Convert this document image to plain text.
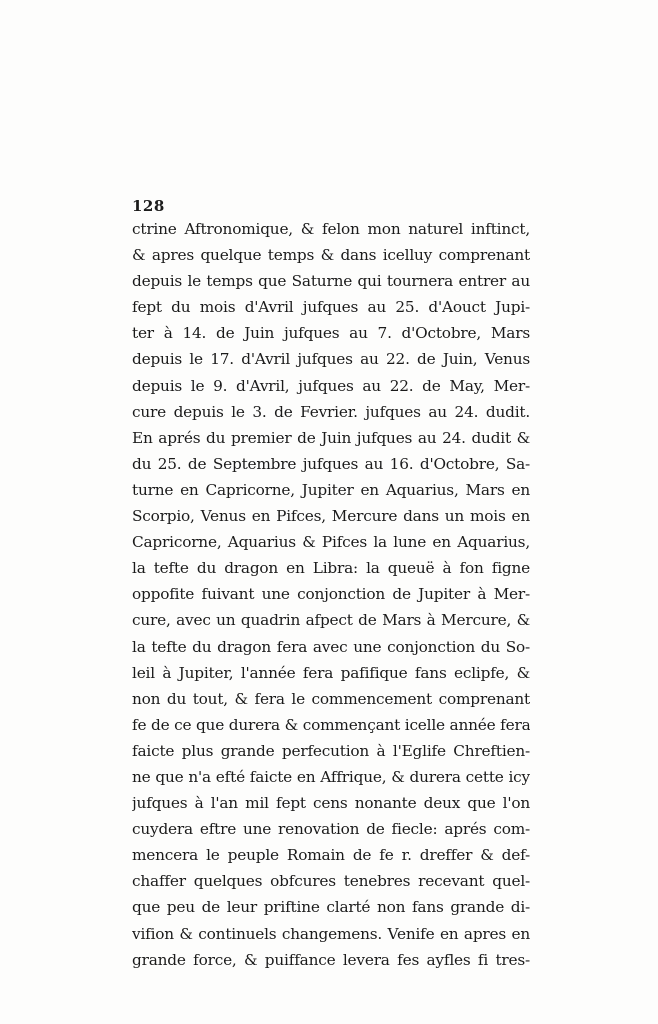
128
ctrine Aftronomique, & felon mon naturel inftinct,
& apres quelque temps & dans icelluy comprenant
depuis le temps que Saturne qui tournera entrer au
fept du mois d'Avril jufques au 25. d'Aouct Jupi-
ter à 14. de Juin jufques au 7. d'Octobre, Mars
depuis le 17. d'Avril jufques au 22. de Juin, Venus
depuis le 9. d'Avril, jufques au 22. de May, Mer-
cure depuis le 3. de Fevrier. jufques au 24. dudit.
En aprés du premier de Juin jufques au 24. dudit &
du 25. de Septembre jufques au 16. d'Octobre, Sa-
turne en Capricorne, Jupiter en Aquarius, Mars en
Scorpio, Venus en Pifces, Mercure dans un mois en
Capricorne, Aquarius & Pifces la lune en Aquarius,
la tefte du dragon en Libra: la queuë à fon figne
oppofite fuivant une conjonction de Jupiter à Mer-
cure, avec un quadrin afpect de Mars à Mercure, &
la tefte du dragon fera avec une conjonction du So-
leil à Jupiter, l'année fera pafifique fans eclipfe, &
non du tout, & fera le commencement comprenant
fe de ce que durera & commençant icelle année fera
faicte plus grande perfecution à l'Eglife Chreftien-
ne que n'a efté faicte en Affrique, & durera cette icy
jufques à l'an mil fept cens nonante deux que l'on
cuydera eftre une renovation de fiecle: aprés com-
mencera le peuple Romain de fe r. dreffer & def-
chaffer quelques obfcures tenebres recevant quel-
que peu de leur priftine clarté non fans grande di-
vifion & continuels changemens. Venife en apres en
grande force, & puiffance levera fes ayfles fi tres-
